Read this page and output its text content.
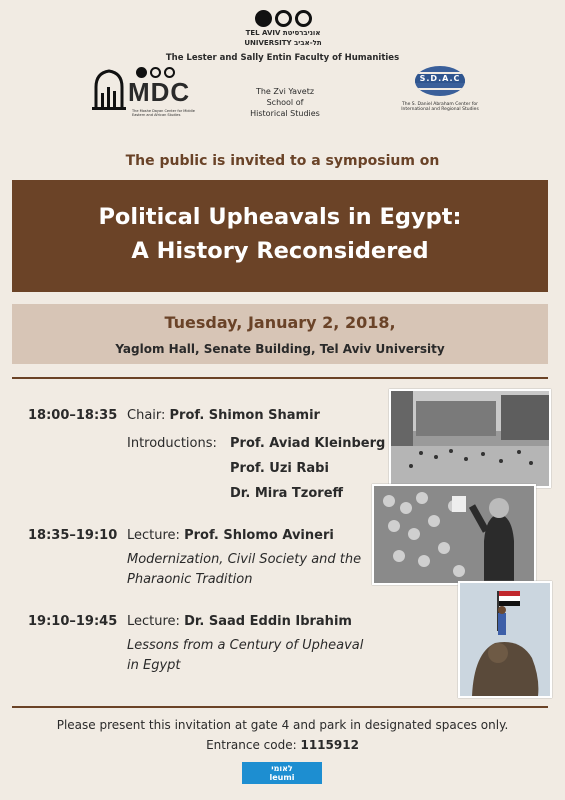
TEL AVIV אוניברסיטת
UNIVERSITY תל-אביב
The Lester and Sally Entin Faculty of Humanities
MDC
The Moshe Dayan Center for Middle Eastern and African Studies
The Zvi Yavetz
School of
Historical Studies
S.D.A.C
The S. Daniel Abraham Center for International and Regional Studies
The public is invited to a symposium on
Political Upheavals in Egypt:
A History Reconsidered
Tuesday, January 2, 2018,
Yaglom Hall, Senate Building, Tel Aviv University
18:00–18:35 Chair: Prof. Shimon Shamir
Introductions: Prof. Aviad Kleinberg
Prof. Uzi Rabi
Dr. Mira Tzoreff
18:35–19:10 Lecture: Prof. Shlomo Avineri
Modernization, Civil Society and the
Pharaonic Tradition
19:10–19:45 Lecture: Dr. Saad Eddin Ibrahim
Lessons from a Century of Upheaval
in Egypt
Please present this invitation at gate 4 and park in designated spaces only.
Entrance code: 1115912
לאומי
leumi
